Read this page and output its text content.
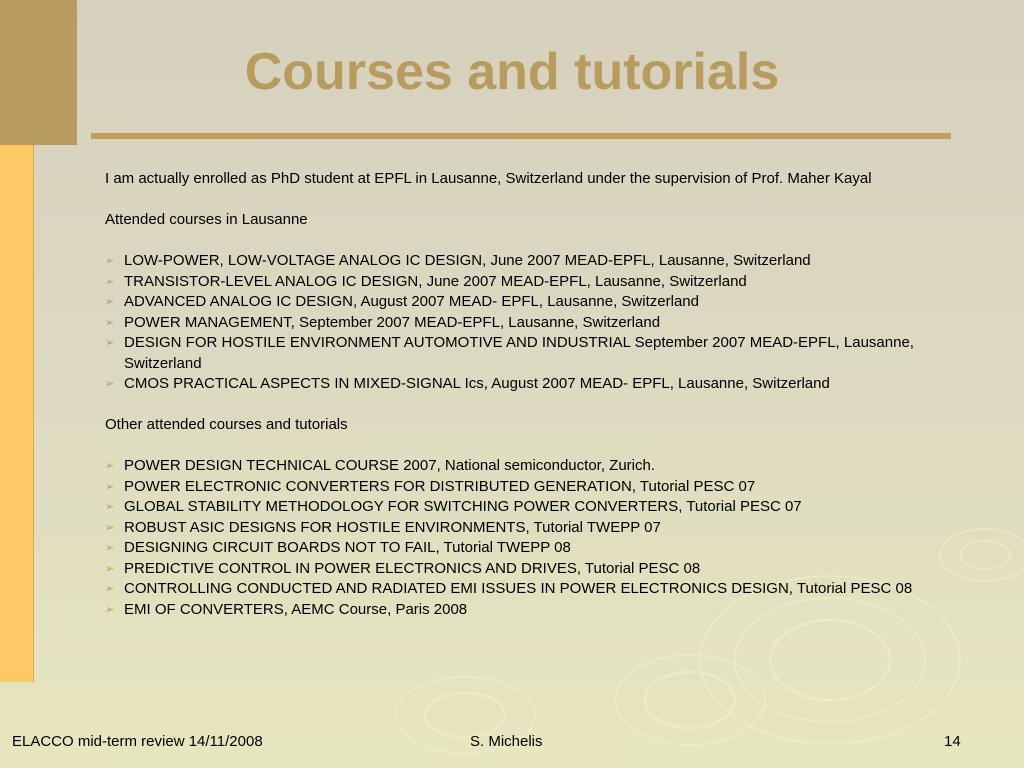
Courses and tutorials

I am actually enrolled as PhD student at EPFL in Lausanne, Switzerland under the supervision of Prof. Maher Kayal

Attended courses in Lausanne

➢ LOW-POWER, LOW-VOLTAGE ANALOG IC DESIGN, June 2007 MEAD-EPFL, Lausanne, Switzerland
➢ TRANSISTOR-LEVEL ANALOG IC DESIGN, June 2007 MEAD-EPFL, Lausanne, Switzerland
➢ ADVANCED ANALOG IC DESIGN, August 2007 MEAD- EPFL, Lausanne, Switzerland
➢ POWER MANAGEMENT, September 2007 MEAD-EPFL, Lausanne, Switzerland
➢ DESIGN FOR HOSTILE ENVIRONMENT AUTOMOTIVE AND INDUSTRIAL September 2007 MEAD-EPFL, Lausanne, Switzerland
➢ CMOS PRACTICAL ASPECTS IN MIXED-SIGNAL Ics, August 2007 MEAD- EPFL, Lausanne, Switzerland

Other attended courses and tutorials

➢ POWER DESIGN TECHNICAL COURSE 2007, National semiconductor, Zurich.
➢ POWER ELECTRONIC CONVERTERS FOR DISTRIBUTED GENERATION, Tutorial PESC 07
➢ GLOBAL STABILITY METHODOLOGY FOR SWITCHING POWER CONVERTERS, Tutorial PESC 07
➢ ROBUST ASIC DESIGNS FOR HOSTILE ENVIRONMENTS, Tutorial TWEPP 07
➢ DESIGNING CIRCUIT BOARDS NOT TO FAIL, Tutorial TWEPP 08
➢ PREDICTIVE CONTROL IN POWER ELECTRONICS AND DRIVES, Tutorial PESC 08
➢ CONTROLLING CONDUCTED AND RADIATED EMI ISSUES IN POWER ELECTRONICS DESIGN, Tutorial PESC 08
➢ EMI OF CONVERTERS, AEMC Course, Paris 2008
ELACCO mid-term review 14/11/2008	S. Michelis	14
